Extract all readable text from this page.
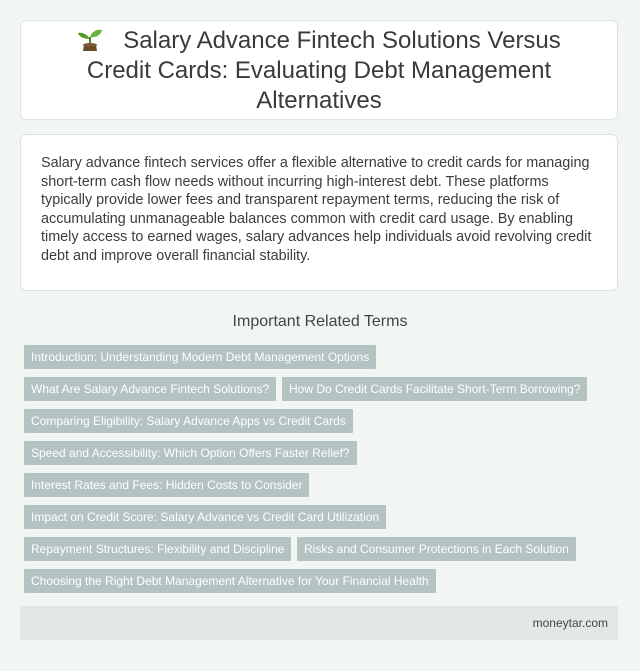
Salary Advance Fintech Solutions Versus Credit Cards: Evaluating Debt Management Alternatives

Salary advance fintech services offer a flexible alternative to credit cards for managing short-term cash flow needs without incurring high-interest debt. These platforms typically provide lower fees and transparent repayment terms, reducing the risk of accumulating unmanageable balances common with credit card usage. By enabling timely access to earned wages, salary advances help individuals avoid revolving credit debt and improve overall financial stability.

Important Related Terms
Introduction: Understanding Modern Debt Management Options
What Are Salary Advance Fintech Solutions?	How Do Credit Cards Facilitate Short-Term Borrowing?
Comparing Eligibility: Salary Advance Apps vs Credit Cards
Speed and Accessibility: Which Option Offers Faster Relief?
Interest Rates and Fees: Hidden Costs to Consider
Impact on Credit Score: Salary Advance vs Credit Card Utilization
Repayment Structures: Flexibility and Discipline	Risks and Consumer Protections in Each Solution
Choosing the Right Debt Management Alternative for Your Financial Health
moneytar.com
